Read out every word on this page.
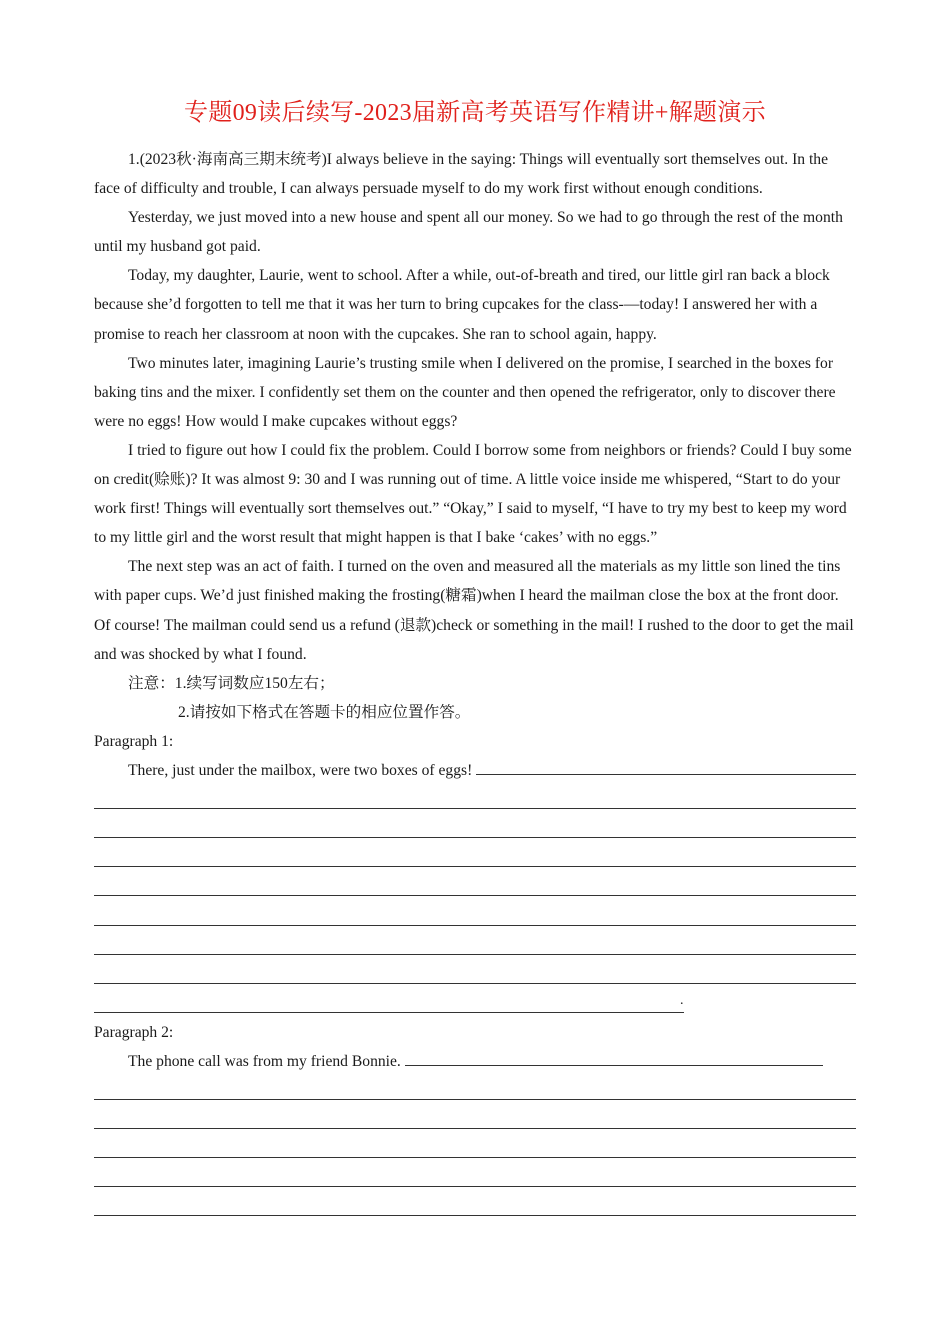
专题09读后续写-2023届新高考英语写作精讲+解题演示

1.(2023秋·海南高三期末统考)I always believe in the saying: Things will eventually sort themselves out. In the face of difficulty and trouble, I can always persuade myself to do my work first without enough conditions.

Yesterday, we just moved into a new house and spent all our money. So we had to go through the rest of the month until my husband got paid.

Today, my daughter, Laurie, went to school. After a while, out-of-breath and tired, our little girl ran back a block because she’d forgotten to tell me that it was her turn to bring cupcakes for the class-—today! I answered her with a promise to reach her classroom at noon with the cupcakes. She ran to school again, happy.

Two minutes later, imagining Laurie’s trusting smile when I delivered on the promise, I searched in the boxes for baking tins and the mixer. I confidently set them on the counter and then opened the refrigerator, only to discover there were no eggs! How would I make cupcakes without eggs?

I tried to figure out how I could fix the problem. Could I borrow some from neighbors or friends? Could I buy some on credit(赊账)? It was almost 9: 30 and I was running out of time. A little voice inside me whispered, “Start to do your work first! Things will eventually sort themselves out.” “Okay,” I said to myself, “I have to try my best to keep my word to my little girl and the worst result that might happen is that I bake ‘cakes’ with no eggs.”

The next step was an act of faith. I turned on the oven and measured all the materials as my little son lined the tins with paper cups. We’d just finished making the frosting(糖霜)when I heard the mailman close the box at the front door. Of course! The mailman could send us a refund (退款)check or something in the mail! I rushed to the door to get the mail and was shocked by what I found.

注意：1.续写词数应150左右；
2.请按如下格式在答题卡的相应位置作答。
Paragraph 1:
There, just under the mailbox, were two boxes of eggs!
.
Paragraph 2:
The phone call was from my friend Bonnie.
